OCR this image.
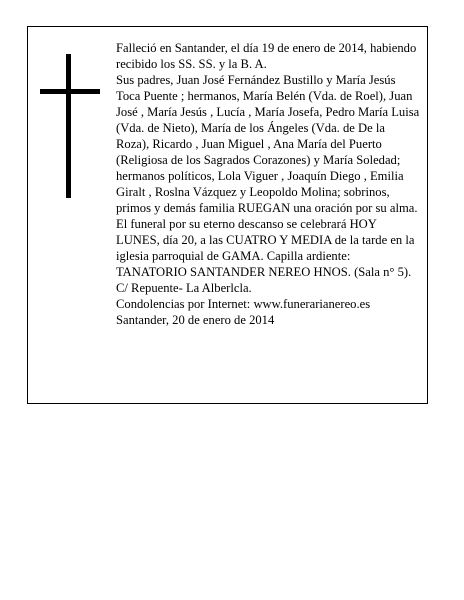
Falleció en Santander, el día 19 de enero de 2014, habiendo recibido los SS. SS. y la B. A.
Sus padres, Juan José Fernández Bustillo y María Jesús Toca Puente ; hermanos, María Belén (Vda. de Roel), Juan José , María Jesús , Lucía , María Josefa, Pedro María Luisa (Vda. de Nieto), María de los Ángeles (Vda. de De la Roza), Ricardo , Juan Miguel , Ana María del Puerto (Religiosa de los Sagrados Corazones) y María Soledad; hermanos políticos, Lola Viguer , Joaquín Diego , Emilia Giralt , Roslna Vázquez y Leopoldo Molina; sobrinos, primos y demás familia RUEGAN una oración por su alma. El funeral por su eterno descanso se celebrará HOY LUNES, día 20, a las CUATRO Y MEDIA de la tarde en la iglesia parroquial de GAMA. Capilla ardiente: TANATORIO SANTANDER NEREO HNOS. (Sala n° 5). C/ Repuente- La Alberlcla.
Condolencias por Internet: www.funerarianereo.es
Santander, 20 de enero de 2014
